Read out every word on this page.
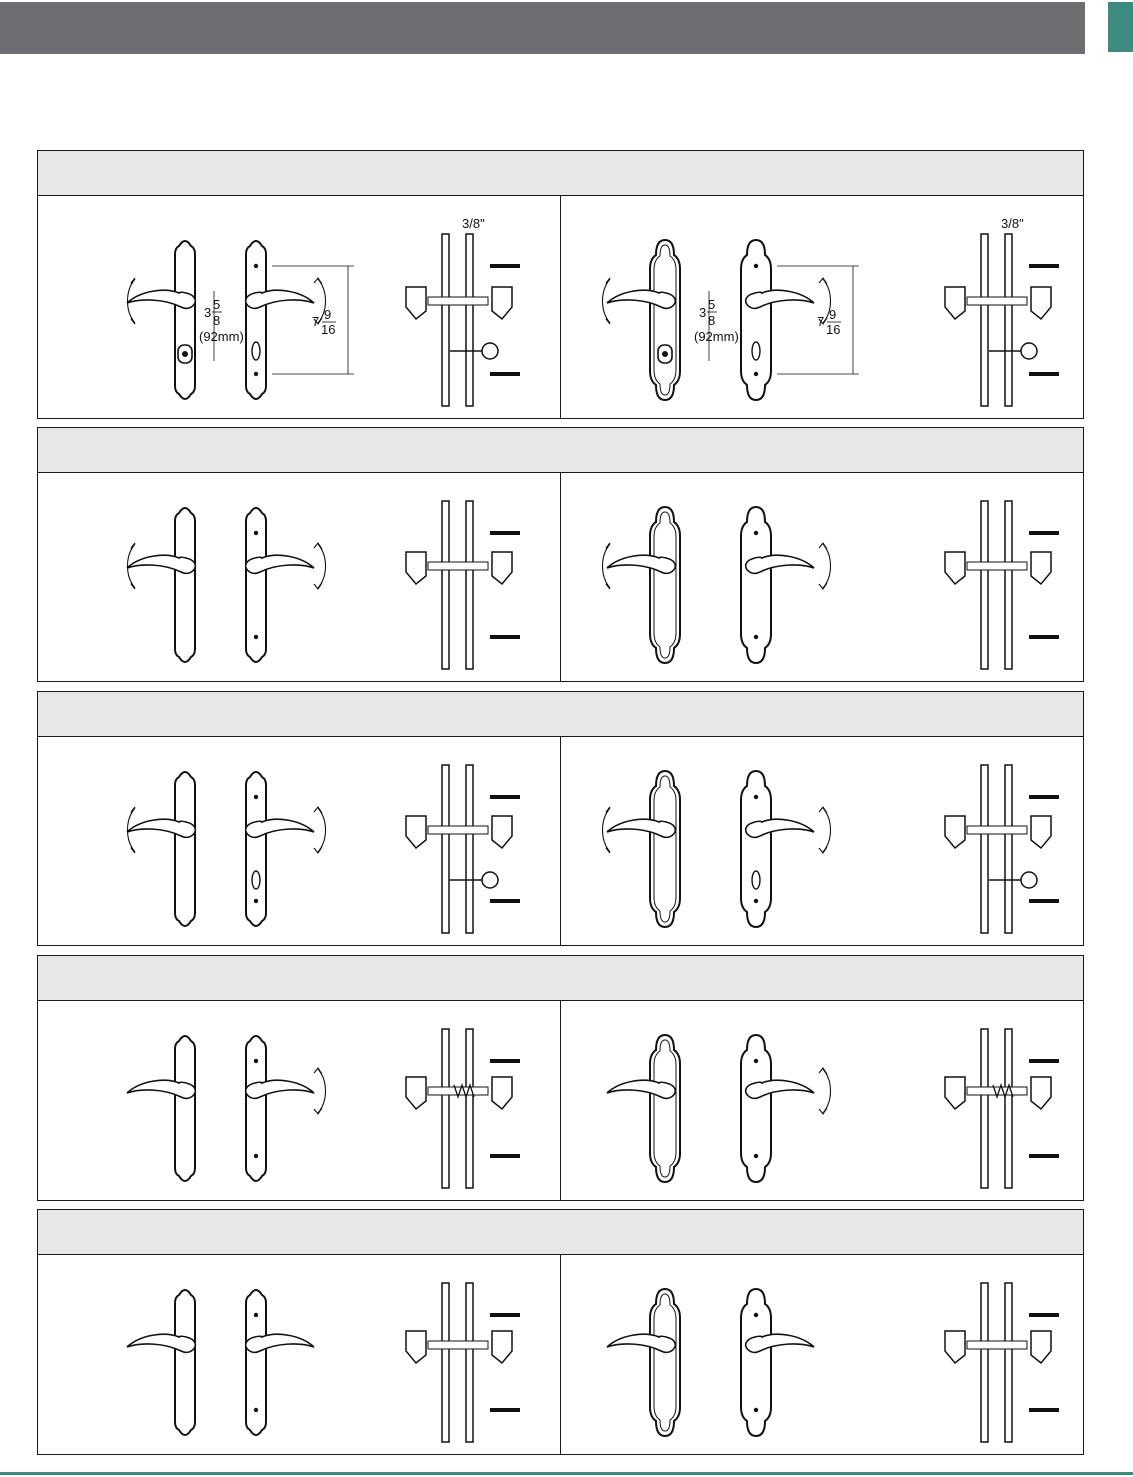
7 9
16
3
5
8
(92mm)
3/8"
7 9
16
3
5
8
(92mm)
3/8"
